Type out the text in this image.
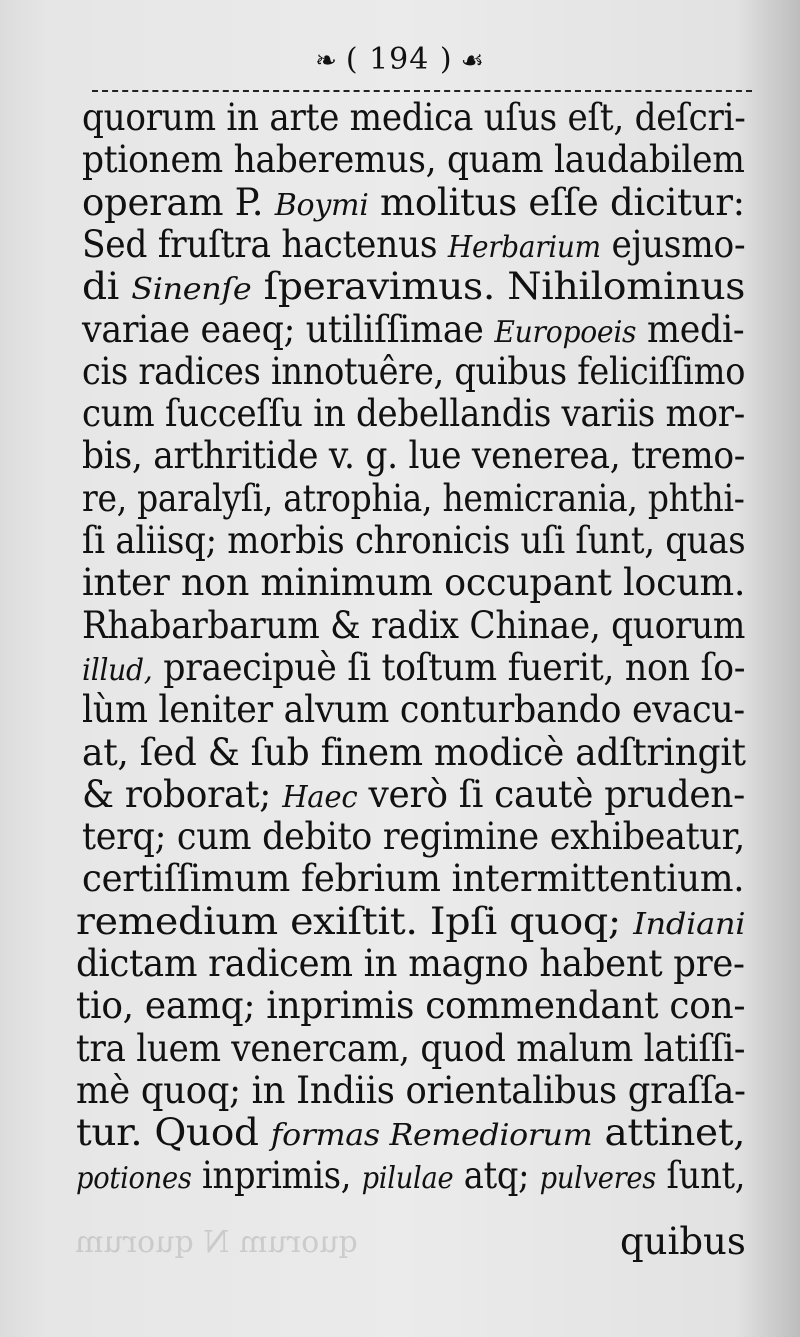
❧ ( 194 ) ☙
quorum N quorum
quorum in arte medica uſus eſt, deſcri-
ptionem haberemus, quam laudabilem
operam P. Boymi molitus eſſe dicitur:
Sed fruſtra hactenus Herbarium ejusmo-
di Sinenſe ſperavimus. Nihilominus
variae eaeq; utiliſſimae Europoeis medi-
cis radices innotuêre, quibus feliciſſimo
cum ſucceſſu in debellandis variis mor-
bis, arthritide v. g. lue venerea, tremo-
re, paralyſi, atrophia, hemicrania, phthi-
ſi aliisq; morbis chronicis uſi ſunt, quas
inter non minimum occupant locum.
Rhabarbarum & radix Chinae, quorum
illud, praecipuè ſi toſtum fuerit, non ſo-
lùm leniter alvum conturbando evacu-
at, ſed & ſub finem modicè adſtringit
& roborat; Haec verò ſi cautè pruden-
terq; cum debito regimine exhibeatur,
certiſſimum febrium intermittentium.
remedium exiſtit. Ipſi quoq; Indiani
dictam radicem in magno habent pre-
tio, eamq; inprimis commendant con-
tra luem venercam, quod malum latiſſi-
mè quoq; in Indiis orientalibus graſſa-
tur. Quod formas Remediorum attinet,
potiones inprimis, pilulae atq; pulveres ſunt,
quibus
